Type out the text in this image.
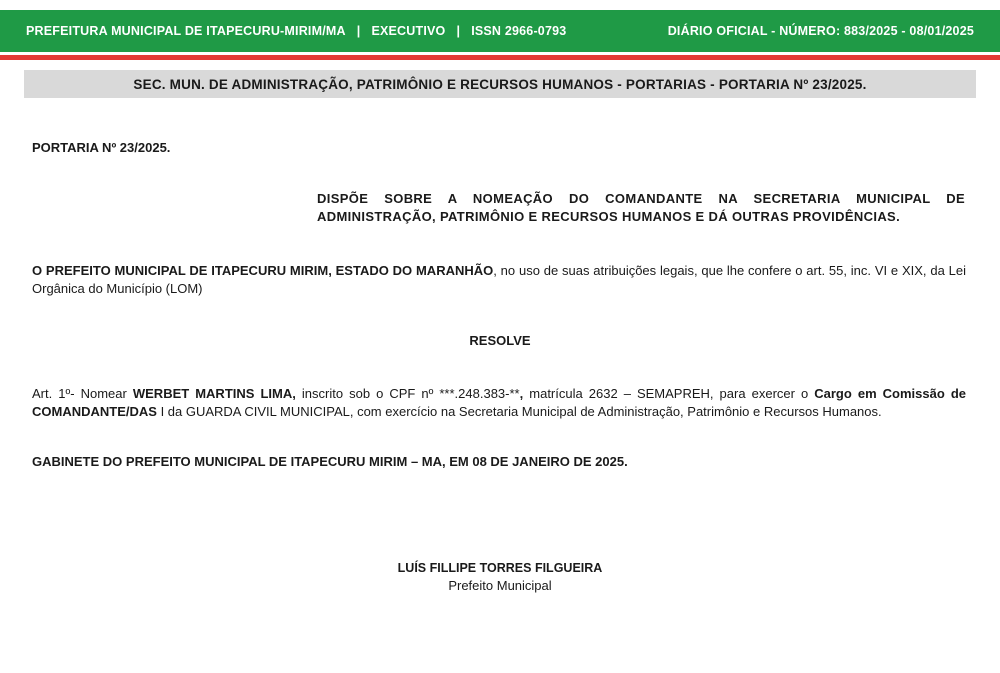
PREFEITURA MUNICIPAL DE ITAPECURU-MIRIM/MA | EXECUTIVO | ISSN 2966-0793	DIÁRIO OFICIAL - NÚMERO: 883/2025 - 08/01/2025
SEC. MUN. DE ADMINISTRAÇÃO, PATRIMÔNIO E RECURSOS HUMANOS - PORTARIAS - PORTARIA Nº 23/2025.
PORTARIA Nº 23/2025.
DISPÕE SOBRE A NOMEAÇÃO DO COMANDANTE NA SECRETARIA MUNICIPAL DE ADMINISTRAÇÃO, PATRIMÔNIO E RECURSOS HUMANOS E DÁ OUTRAS PROVIDÊNCIAS.
O PREFEITO MUNICIPAL DE ITAPECURU MIRIM, ESTADO DO MARANHÃO, no uso de suas atribuições legais, que lhe confere o art. 55, inc. VI e XIX, da Lei Orgânica do Município (LOM)
RESOLVE
Art. 1º- Nomear WERBET MARTINS LIMA, inscrito sob o CPF nº ***.248.383-**, matrícula 2632 – SEMAPREH, para exercer o Cargo em Comissão de COMANDANTE/DAS I da GUARDA CIVIL MUNICIPAL, com exercício na Secretaria Municipal de Administração, Patrimônio e Recursos Humanos.
GABINETE DO PREFEITO MUNICIPAL DE ITAPECURU MIRIM – MA, EM 08 DE JANEIRO DE 2025.
LUÍS FILLIPE TORRES FILGUEIRA
Prefeito Municipal
